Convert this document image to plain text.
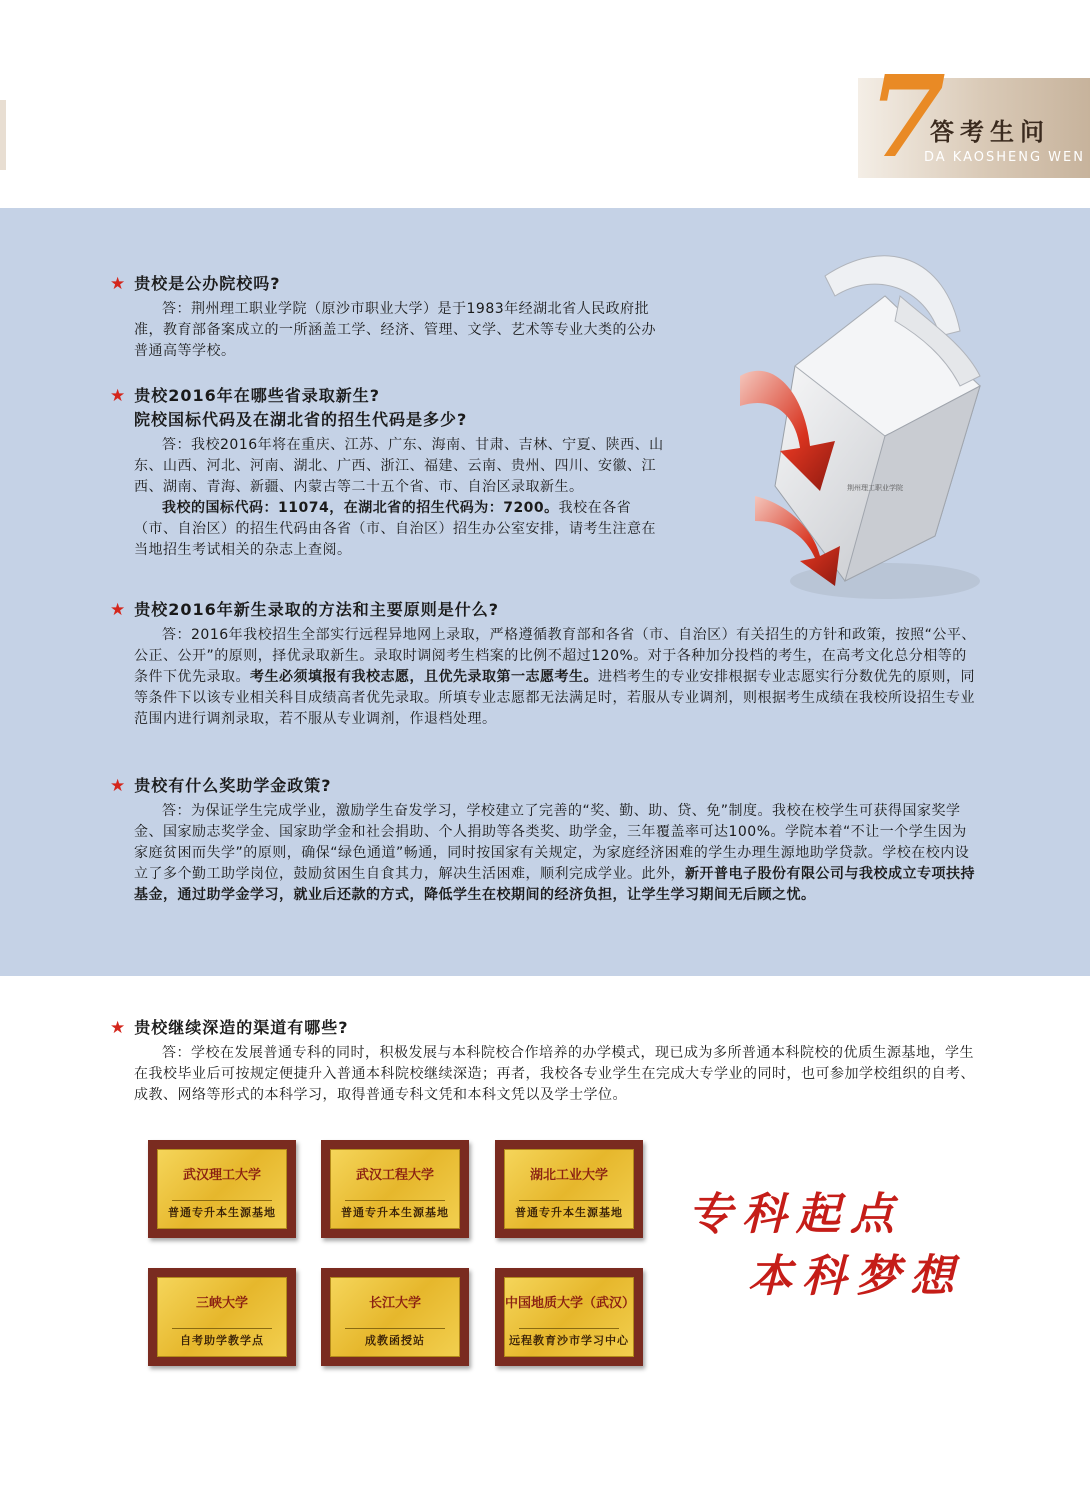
7
答考生问
DA KAOSHENG WEN

★ 贵校是公办院校吗?

答：荆州理工职业学院（原沙市职业大学）是于1983年经湖北省人民政府批准，教育部备案成立的一所涵盖工学、经济、管理、文学、艺术等专业大类的公办普通高等学校。

★ 贵校2016年在哪些省录取新生?

院校国标代码及在湖北省的招生代码是多少?

答：我校2016年将在重庆、江苏、广东、海南、甘肃、吉林、宁夏、陕西、山东、山西、河北、河南、湖北、广西、浙江、福建、云南、贵州、四川、安徽、江西、湖南、青海、新疆、内蒙古等二十五个省、市、自治区录取新生。

我校的国标代码：11074，在湖北省的招生代码为：7200。我校在各省（市、自治区）的招生代码由各省（市、自治区）招生办公室安排，请考生注意在当地招生考试相关的杂志上查阅。

荆州理工职业学院

★ 贵校2016年新生录取的方法和主要原则是什么?

答：2016年我校招生全部实行远程异地网上录取，严格遵循教育部和各省（市、自治区）有关招生的方针和政策，按照“公平、公正、公开”的原则，择优录取新生。录取时调阅考生档案的比例不超过120%。对于各种加分投档的考生，在高考文化总分相等的条件下优先录取。考生必须填报有我校志愿，且优先录取第一志愿考生。进档考生的专业安排根据专业志愿实行分数优先的原则，同等条件下以该专业相关科目成绩高者优先录取。所填专业志愿都无法满足时，若服从专业调剂，则根据考生成绩在我校所设招生专业范围内进行调剂录取，若不服从专业调剂，作退档处理。

★ 贵校有什么奖助学金政策?

答：为保证学生完成学业，激励学生奋发学习，学校建立了完善的“奖、勤、助、贷、免”制度。我校在校学生可获得国家奖学金、国家励志奖学金、国家助学金和社会捐助、个人捐助等各类奖、助学金，三年覆盖率可达100%。学院本着“不让一个学生因为家庭贫困而失学”的原则，确保“绿色通道”畅通，同时按国家有关规定，为家庭经济困难的学生办理生源地助学贷款。学校在校内设立了多个勤工助学岗位，鼓励贫困生自食其力，解决生活困难，顺利完成学业。此外，新开普电子股份有限公司与我校成立专项扶持基金，通过助学金学习，就业后还款的方式，降低学生在校期间的经济负担，让学生学习期间无后顾之忧。

★ 贵校继续深造的渠道有哪些?

答：学校在发展普通专科的同时，积极发展与本科院校合作培养的办学模式，现已成为多所普通本科院校的优质生源基地，学生在我校毕业后可按规定便捷升入普通本科院校继续深造；再者，我校各专业学生在完成大专学业的同时，也可参加学校组织的自考、成教、网络等形式的本科学习，取得普通专科文凭和本科文凭以及学士学位。

武汉理工大学
普通专升本生源基地
武汉工程大学
普通专升本生源基地
湖北工业大学
普通专升本生源基地
三峡大学
自考助学教学点
长江大学
成教函授站
中国地质大学（武汉）
远程教育沙市学习中心
专科起点
本科梦想
